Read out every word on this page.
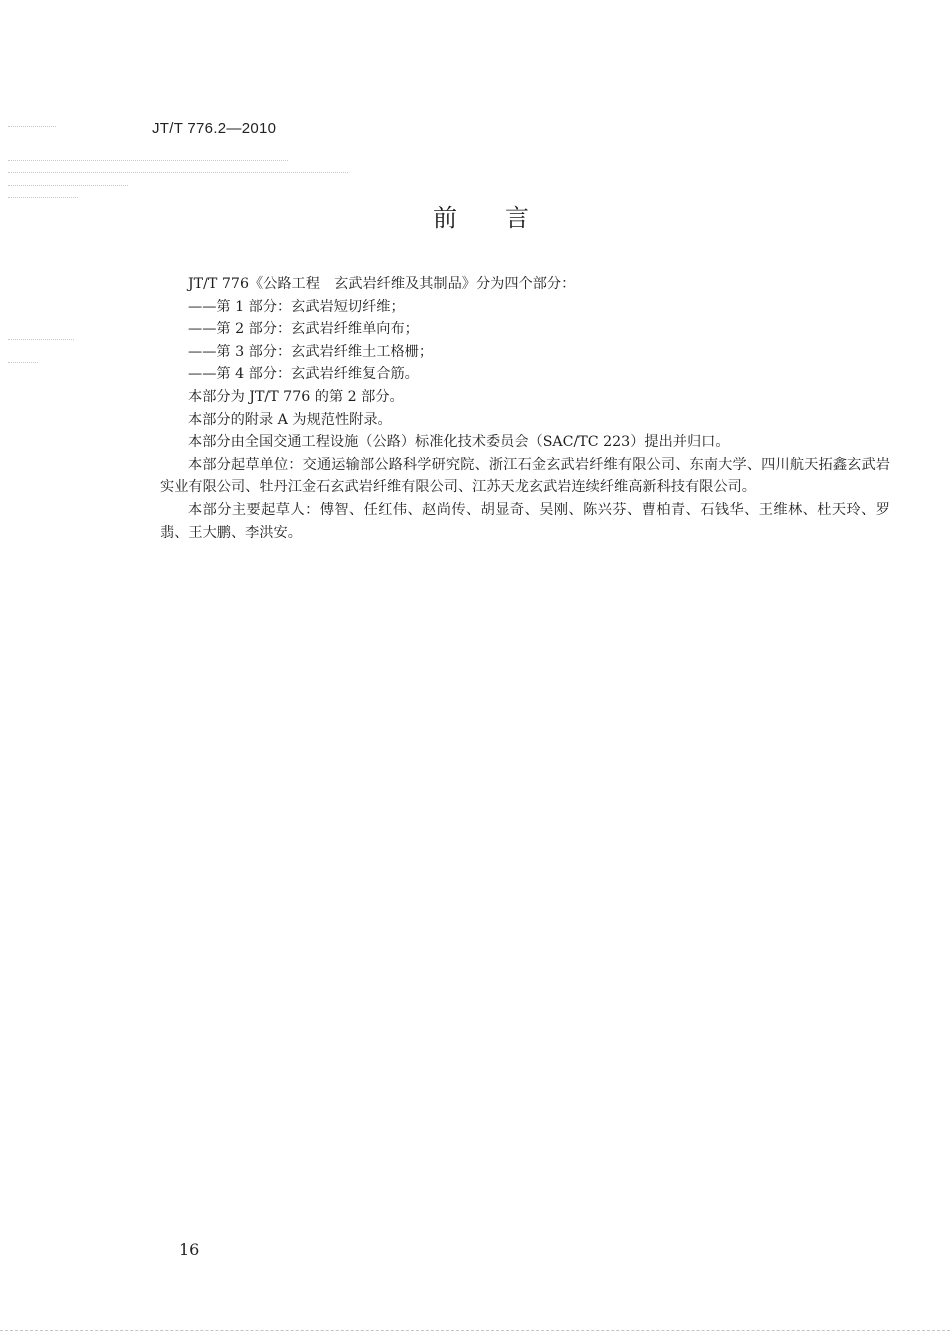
JT/T 776.2—2010
前言

JT/T 776《公路工程　玄武岩纤维及其制品》分为四个部分：

——第 1 部分：玄武岩短切纤维；

——第 2 部分：玄武岩纤维单向布；

——第 3 部分：玄武岩纤维土工格栅；

——第 4 部分：玄武岩纤维复合筋。

本部分为 JT/T 776 的第 2 部分。

本部分的附录 A 为规范性附录。

本部分由全国交通工程设施（公路）标准化技术委员会（SAC/TC 223）提出并归口。

本部分起草单位：交通运输部公路科学研究院、浙江石金玄武岩纤维有限公司、东南大学、四川航天拓鑫玄武岩实业有限公司、牡丹江金石玄武岩纤维有限公司、江苏天龙玄武岩连续纤维高新科技有限公司。

本部分主要起草人：傅智、任红伟、赵尚传、胡显奇、吴刚、陈兴芬、曹柏青、石钱华、王维林、杜天玲、罗翡、王大鹏、李洪安。

16
